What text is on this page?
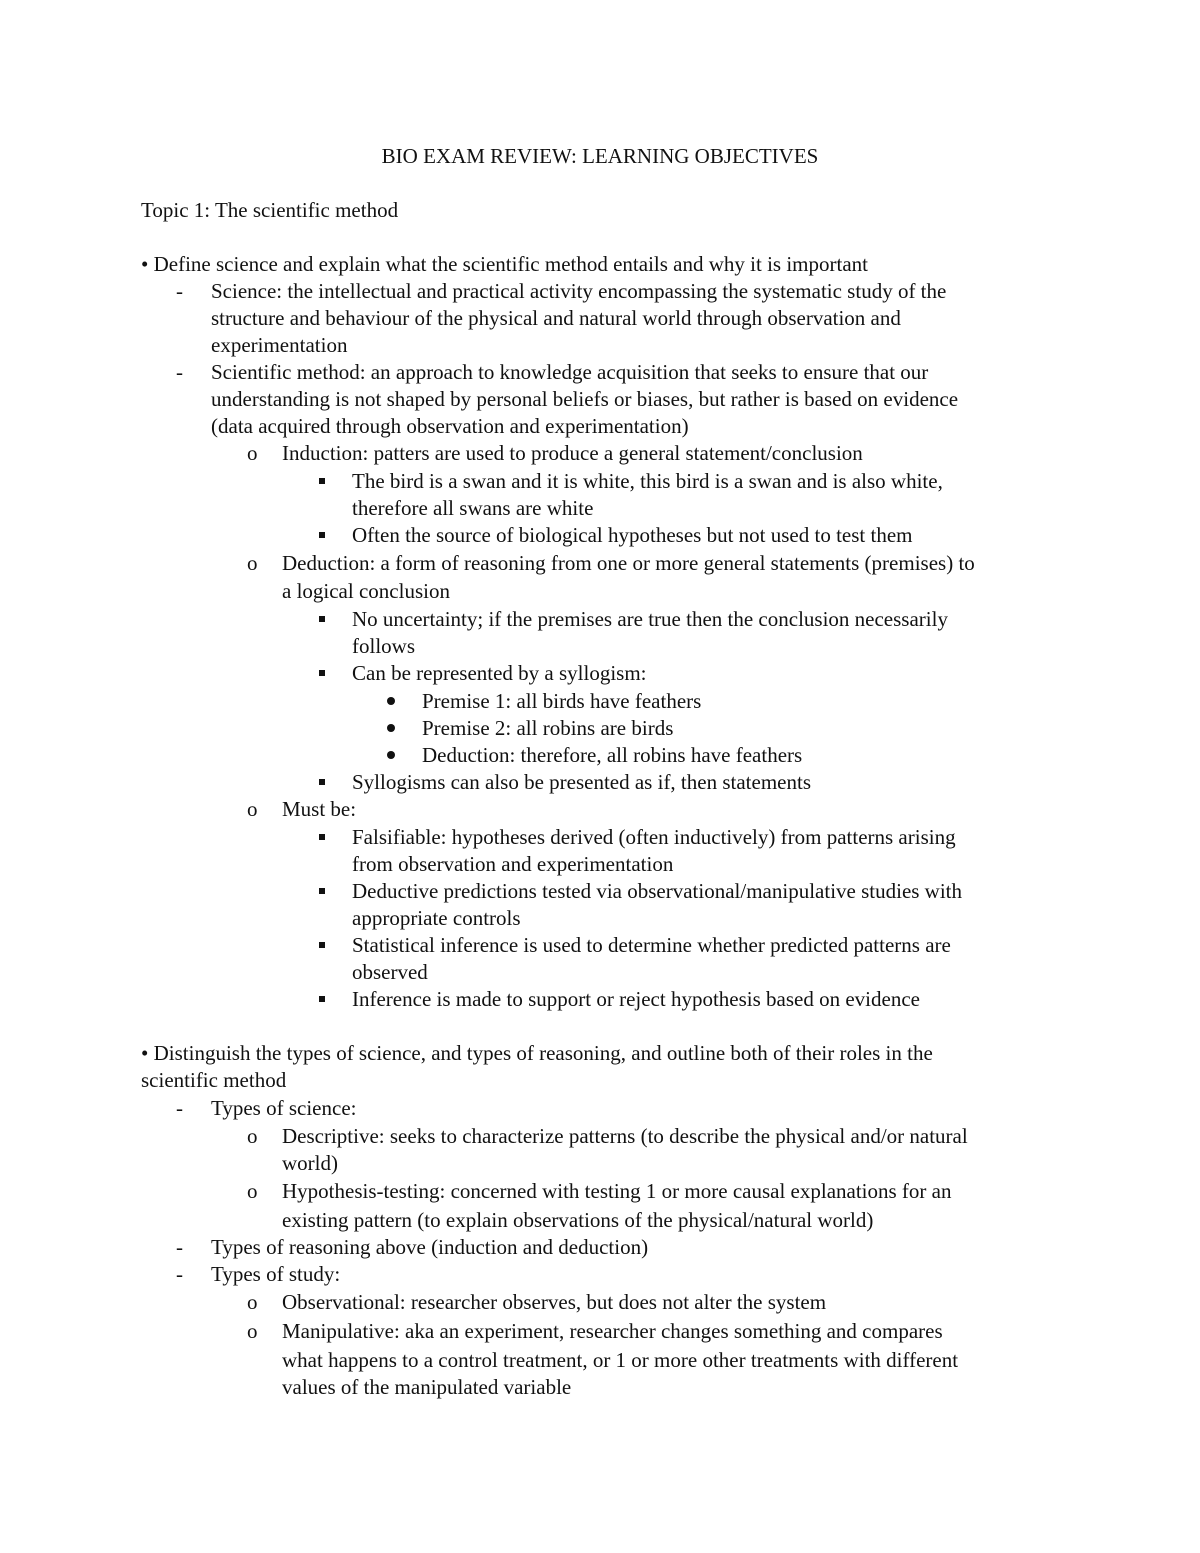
BIO EXAM REVIEW: LEARNING OBJECTIVES
Topic 1: The scientific method
• Define science and explain what the scientific method entails and why it is important
- Science: the intellectual and practical activity encompassing the systematic study of the
structure and behaviour of the physical and natural world through observation and
experimentation
- Scientific method: an approach to knowledge acquisition that seeks to ensure that our
understanding is not shaped by personal beliefs or biases, but rather is based on evidence
(data acquired through observation and experimentation)
o Induction: patters are used to produce a general statement/conclusion
The bird is a swan and it is white, this bird is a swan and is also white,
therefore all swans are white
Often the source of biological hypotheses but not used to test them
o Deduction: a form of reasoning from one or more general statements (premises) to
a logical conclusion
No uncertainty; if the premises are true then the conclusion necessarily
follows
Can be represented by a syllogism:
Premise 1: all birds have feathers
Premise 2: all robins are birds
Deduction: therefore, all robins have feathers
Syllogisms can also be presented as if, then statements
o Must be:
Falsifiable: hypotheses derived (often inductively) from patterns arising
from observation and experimentation
Deductive predictions tested via observational/manipulative studies with
appropriate controls
Statistical inference is used to determine whether predicted patterns are
observed
Inference is made to support or reject hypothesis based on evidence
• Distinguish the types of science, and types of reasoning, and outline both of their roles in the
scientific method
- Types of science:
o Descriptive: seeks to characterize patterns (to describe the physical and/or natural
world)
o Hypothesis-testing: concerned with testing 1 or more causal explanations for an
existing pattern (to explain observations of the physical/natural world)
- Types of reasoning above (induction and deduction)
- Types of study:
o Observational: researcher observes, but does not alter the system
o Manipulative: aka an experiment, researcher changes something and compares
what happens to a control treatment, or 1 or more other treatments with different
values of the manipulated variable
